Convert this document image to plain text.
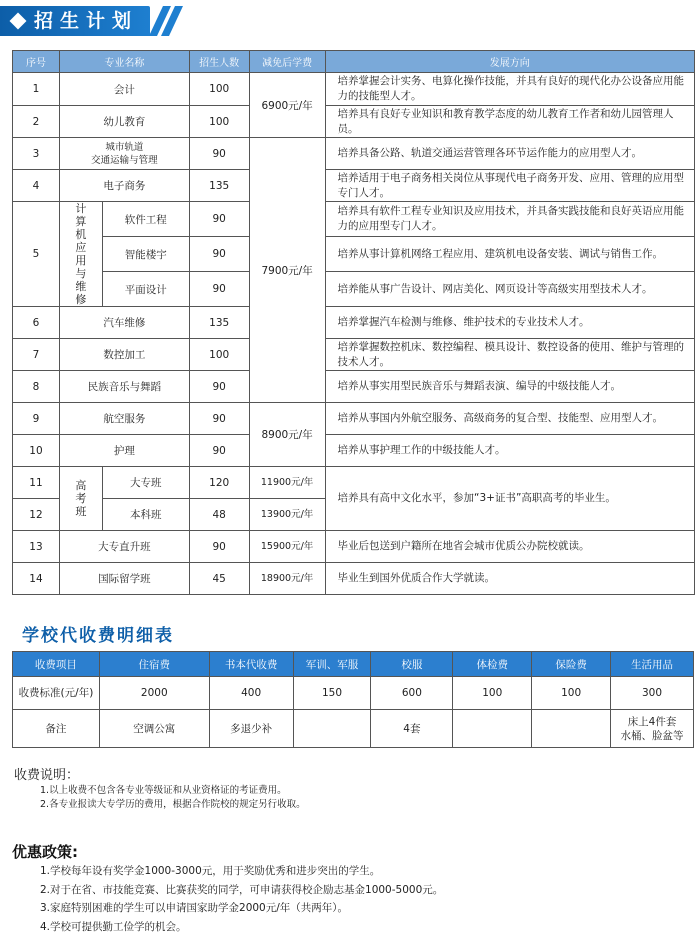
招生计划
序号	专业名称		招生人数	减免后学费	发展方向
1	会计		100	6900元/年	培养掌握会计实务、电算化操作技能，并具有良好的现代化办公设备应用能力的技能型人才。
2	幼儿教育		100		培养具有良好专业知识和教育教学态度的幼儿教育工作者和幼儿园管理人员。
3	城市轨道
交通运输与管理		90	7900元/年	培养具备公路、轨道交通运营管理各环节运作能力的应用型人才。
4	电子商务		135		培养适用于电子商务相关岗位从事现代电子商务开发、应用、管理的应用型专门人才。
5	计算机应用与维修	软件工程	90		培养具有软件工程专业知识及应用技术，并具备实践技能和良好英语应用能力的应用型专门人才。
		智能楼宇	90		培养从事计算机网络工程应用、建筑机电设备安装、调试与销售工作。
		平面设计	90		培养能从事广告设计、网店美化、网页设计等高级实用型技术人才。
6	汽车维修		135		培养掌握汽车检测与维修、维护技术的专业技术人才。
7	数控加工		100		培养掌握数控机床、数控编程、模具设计、数控设备的使用、维护与管理的技术人才。
8	民族音乐与舞蹈		90		培养从事实用型民族音乐与舞蹈表演、编导的中级技能人才。
9	航空服务		90	8900元/年	培养从事国内外航空服务、高级商务的复合型、技能型、应用型人才。
10	护理		90		培养从事护理工作的中级技能人才。
11	高考班	大专班	120	11900元/年	培养具有高中文化水平，参加“3+证书”高职高考的毕业生。
12		本科班	48	13900元/年	
13	大专直升班		90	15900元/年	毕业后包送到户籍所在地省会城市优质公办院校就读。
14	国际留学班		45	18900元/年	毕业生到国外优质合作大学就读。
学校代收费明细表
收费项目	住宿费	书本代收费	军训、军服	校服	体检费	保险费	生活用品
收费标准(元/年)	2000	400	150	600	100	100	300
备注	空调公寓	多退少补		4套			床上4件套
水桶、脸盆等
收费说明：
1.以上收费不包含各专业等级证和从业资格证的考证费用。
2.各专业报读大专学历的费用，根据合作院校的规定另行收取。
优惠政策:
1.学校每年设有奖学金1000-3000元，用于奖励优秀和进步突出的学生。
2.对于在省、市技能竞赛、比赛获奖的同学，可申请获得校企励志基金1000-5000元。
3.家庭特别困难的学生可以申请国家助学金2000元/年（共两年）。
4.学校可提供勤工俭学的机会。
